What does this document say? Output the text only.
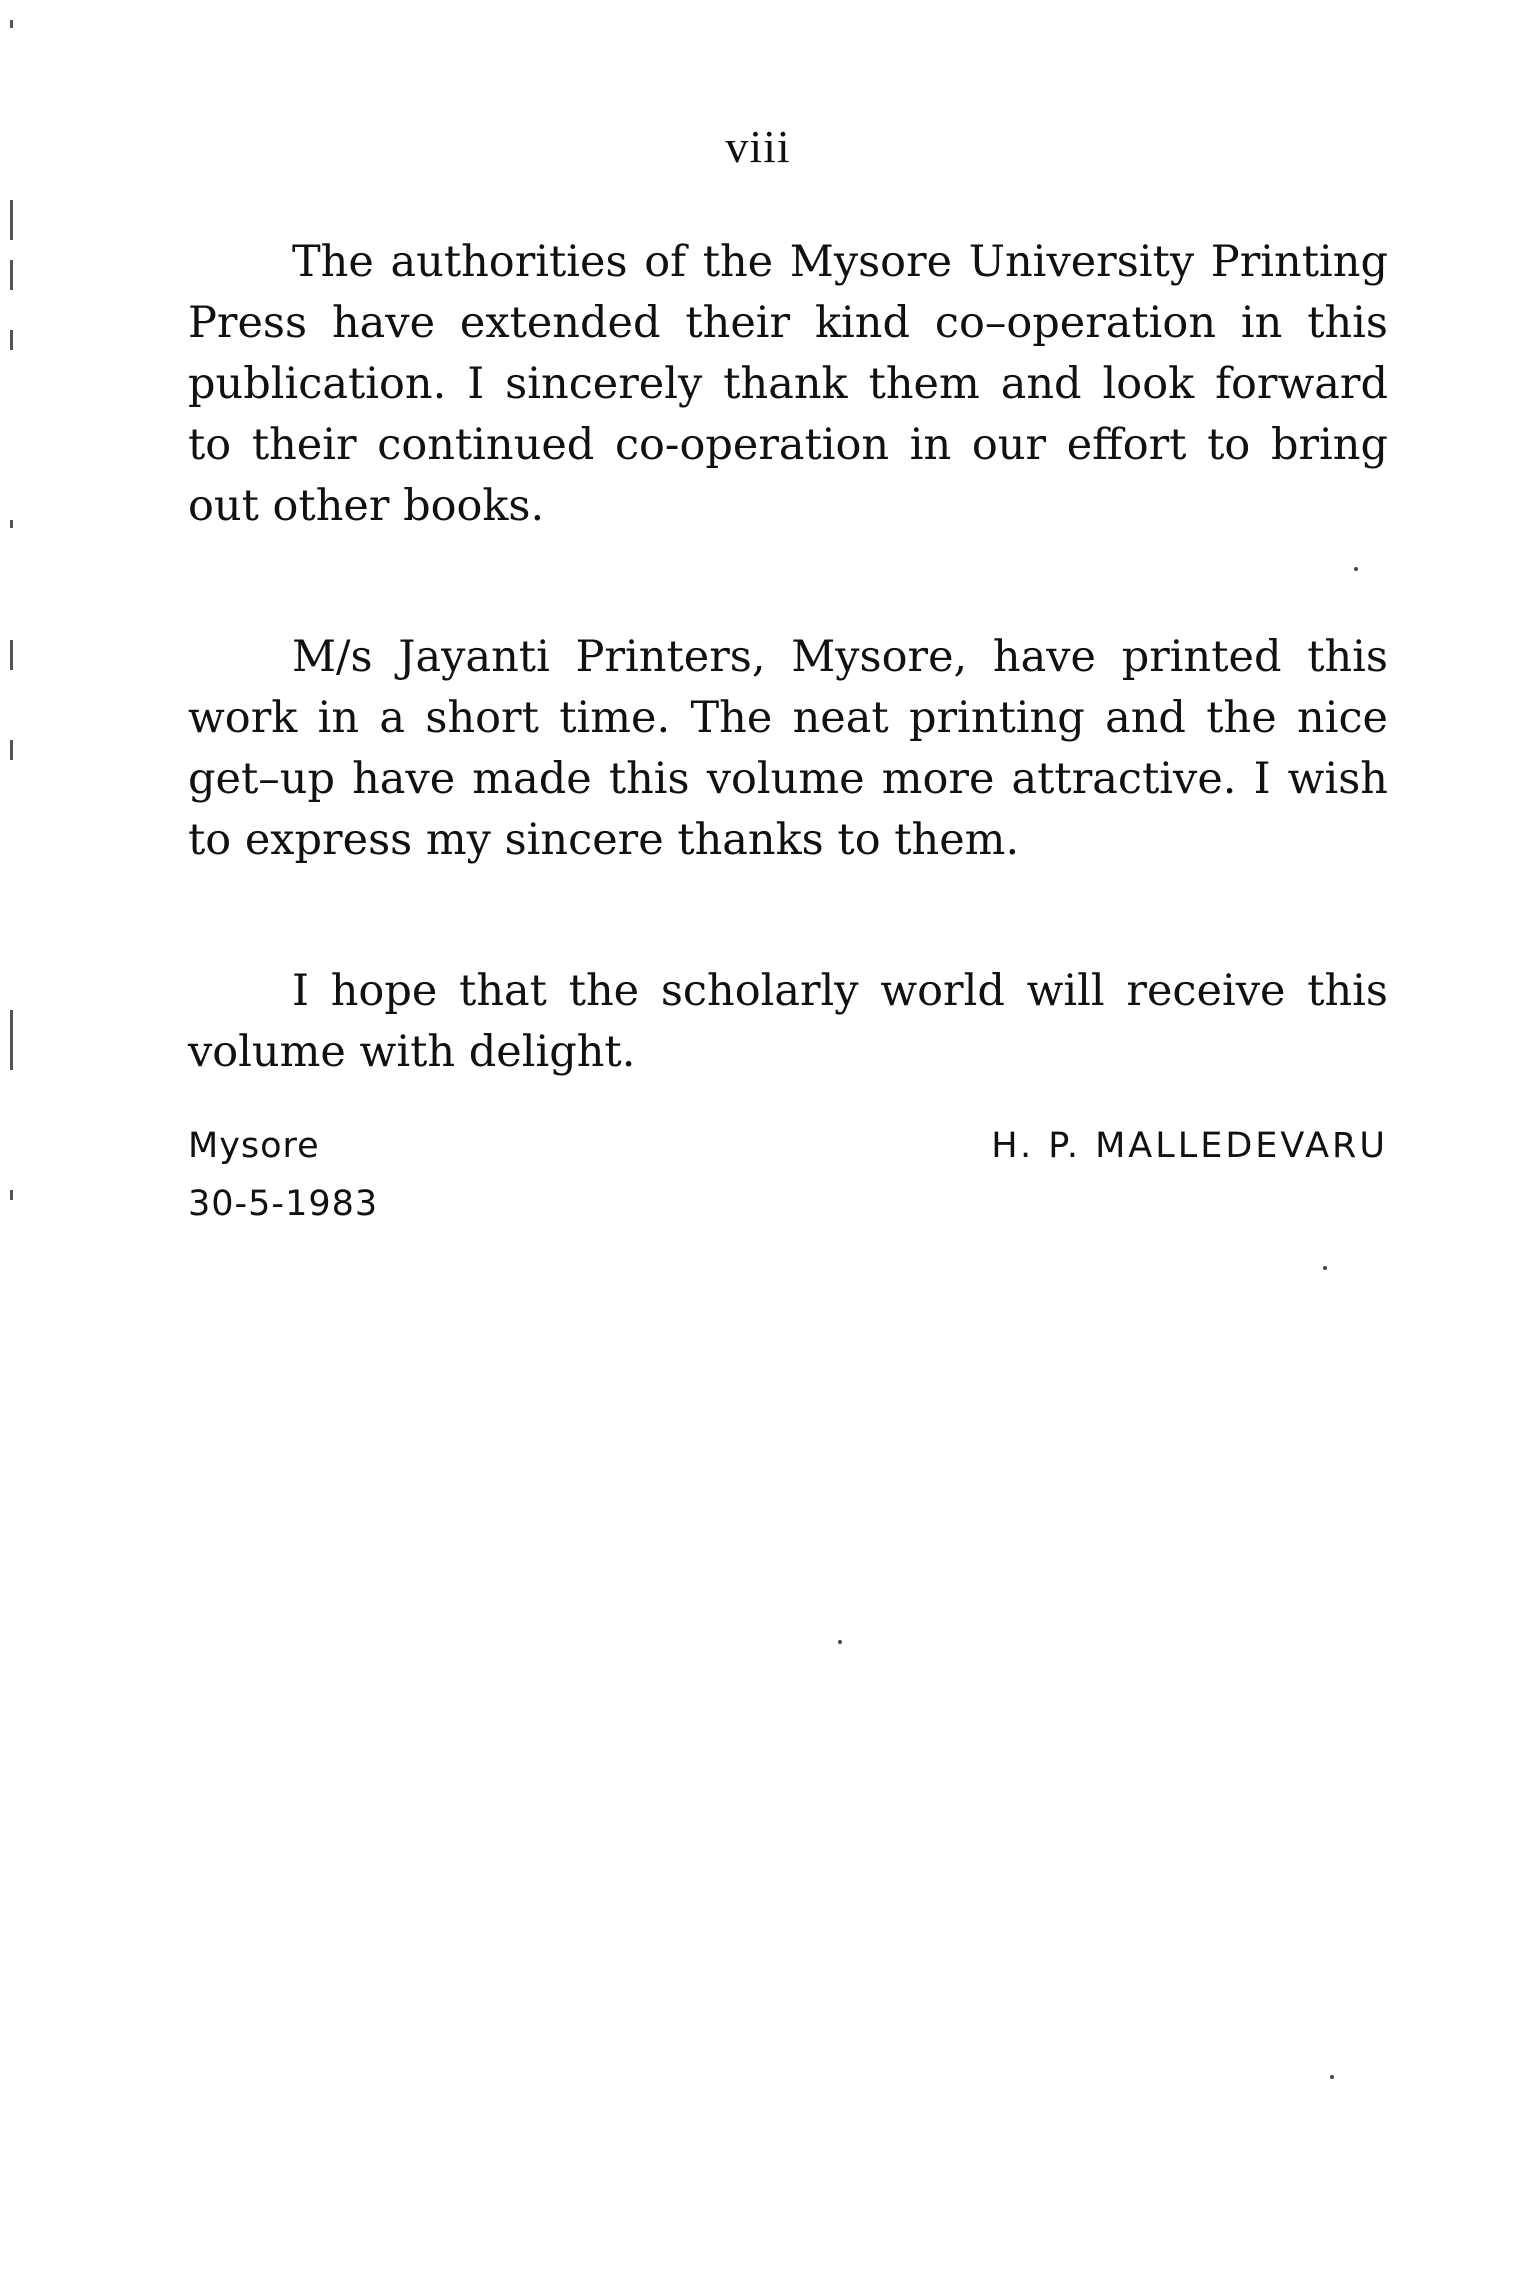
viii

The authorities of the Mysore University Printing Press have extended their kind co–operation in this publication. I sincerely thank them and look forward to their continued co-operation in our effort to bring out other books.

M/s Jayanti Printers, Mysore, have printed this work in a short time. The neat printing and the nice get–up have made this volume more attractive. I wish to express my sincere thanks to them.

I hope that the scholarly world will receive this volume with delight.

Mysore
30-5-1983
H. P. MALLEDEVARU
